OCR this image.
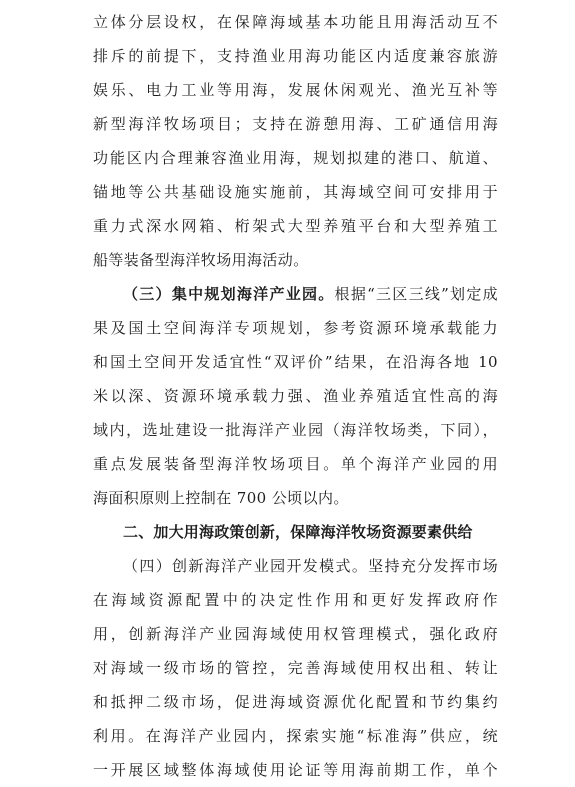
立体分层设权，在保障海域基本功能且用海活动互不
排斥的前提下，支持渔业用海功能区内适度兼容旅游
娱乐、电力工业等用海，发展休闲观光、渔光互补等
新型海洋牧场项目；支持在游憩用海、工矿通信用海
功能区内合理兼容渔业用海，规划拟建的港口、航道、
锚地等公共基础设施实施前，其海域空间可安排用于
重力式深水网箱、桁架式大型养殖平台和大型养殖工
船等装备型海洋牧场用海活动。
（三）集中规划海洋产业园。根据“三区三线”划定成
果及国土空间海洋专项规划，参考资源环境承载能力
和国土空间开发适宜性“双评价”结果，在沿海各地 10
米以深、资源环境承载力强、渔业养殖适宜性高的海
域内，选址建设一批海洋产业园（海洋牧场类，下同），
重点发展装备型海洋牧场项目。单个海洋产业园的用
海面积原则上控制在 700 公顷以内。
二、加大用海政策创新，保障海洋牧场资源要素供给
（四）创新海洋产业园开发模式。坚持充分发挥市场
在海域资源配置中的决定性作用和更好发挥政府作
用，创新海洋产业园海域使用权管理模式，强化政府
对海域一级市场的管控，完善海域使用权出租、转让
和抵押二级市场，促进海域资源优化配置和节约集约
利用。在海洋产业园内，探索实施“标准海”供应，统
一开展区域整体海域使用论证等用海前期工作，单个
